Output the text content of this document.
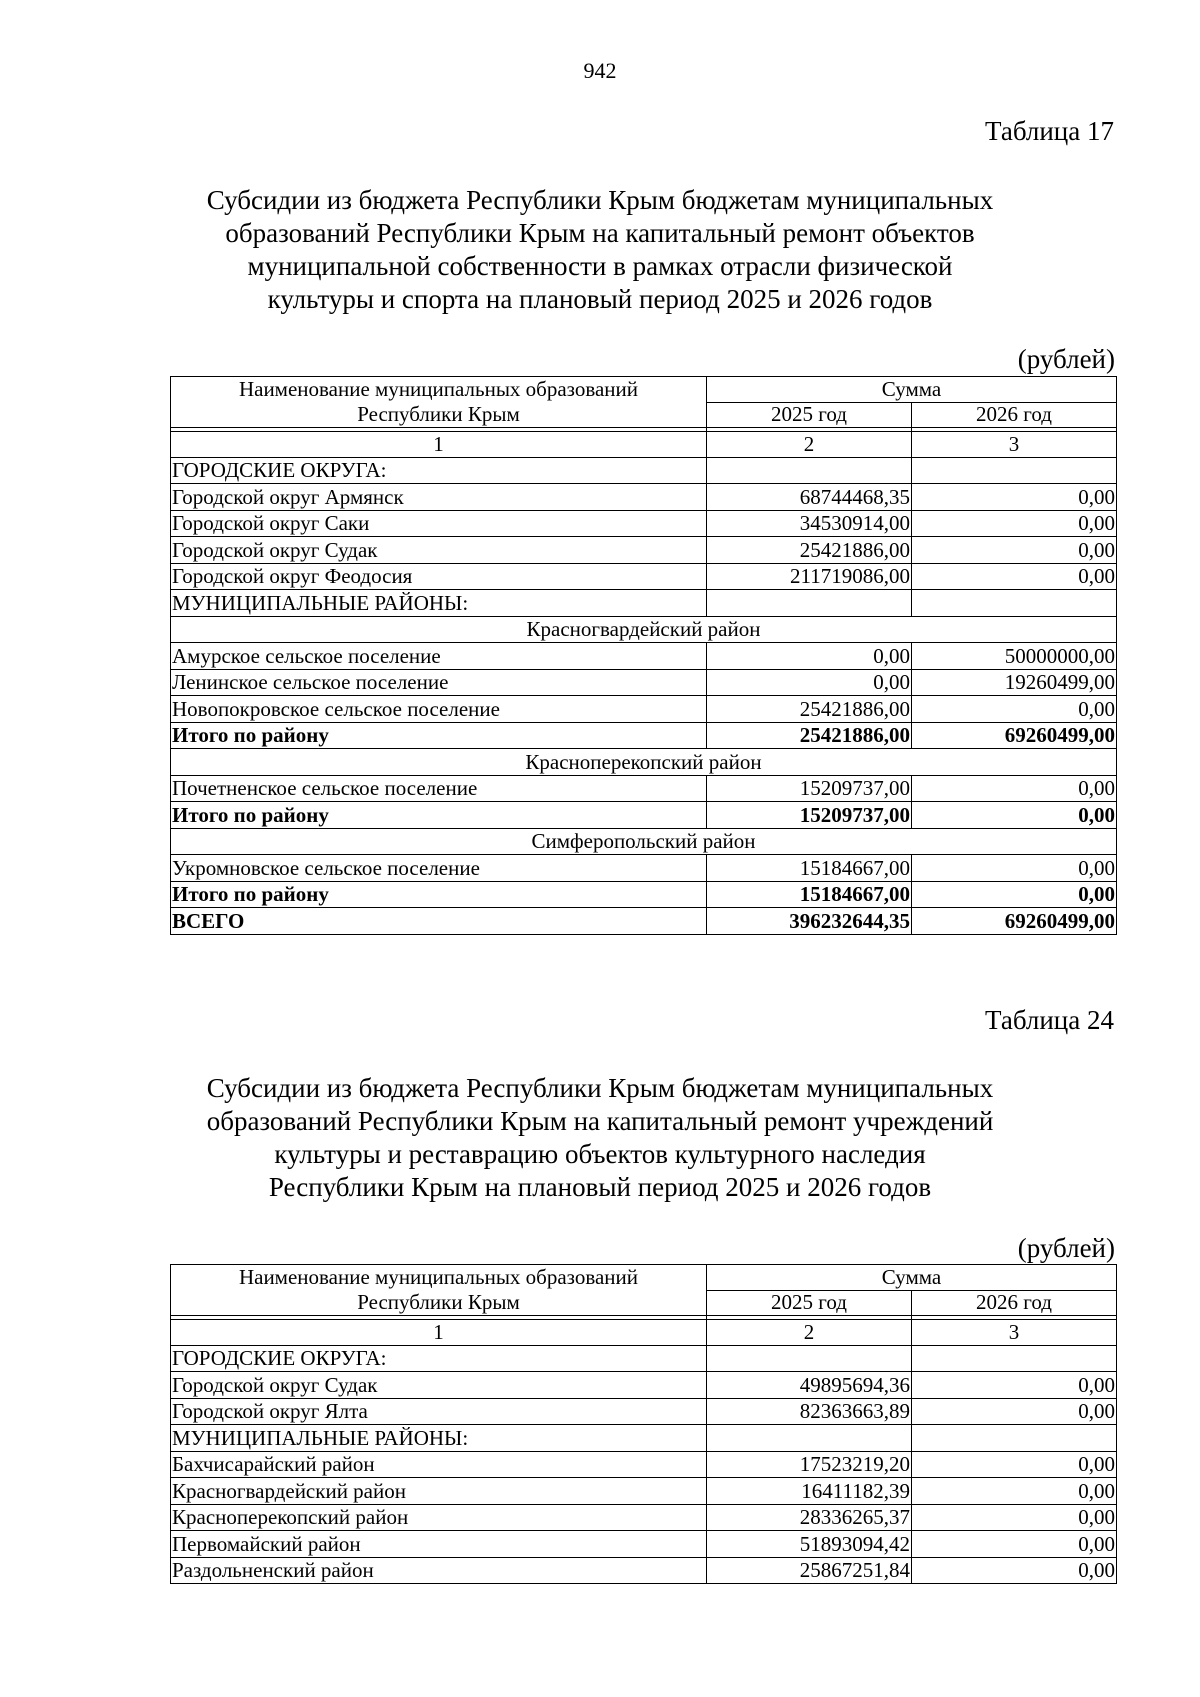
942
Таблица 17
Субсидии из бюджета Республики Крым бюджетам муниципальных
образований Республики Крым на капитальный ремонт объектов
муниципальной собственности в рамках отрасли физической
культуры и спорта на плановый период 2025 и 2026 годов
(рублей)
Наименование муниципальных образований
Республики Крым	Сумма	
	2025 год	2026 год

1	2	3
ГОРОДСКИЕ ОКРУГА:		
Городской округ Армянск	68744468,35	0,00
Городской округ Саки	34530914,00	0,00
Городской округ Судак	25421886,00	0,00
Городской округ Феодосия	211719086,00	0,00
МУНИЦИПАЛЬНЫЕ РАЙОНЫ:		
Красногвардейский район		
Амурское сельское поселение	0,00	50000000,00
Ленинское сельское поселение	0,00	19260499,00
Новопокровское сельское поселение	25421886,00	0,00
Итого по району	25421886,00	69260499,00
Красноперекопский район		
Почетненское сельское поселение	15209737,00	0,00
Итого по району	15209737,00	0,00
Симферопольский район		
Укромновское сельское поселение	15184667,00	0,00
Итого по району	15184667,00	0,00
ВСЕГО	396232644,35	69260499,00
Таблица 24
Субсидии из бюджета Республики Крым бюджетам муниципальных
образований Республики Крым на капитальный ремонт учреждений
культуры и реставрацию объектов культурного наследия
Республики Крым на плановый период 2025 и 2026 годов
(рублей)
Наименование муниципальных образований
Республики Крым	Сумма	
	2025 год	2026 год

1	2	3
ГОРОДСКИЕ ОКРУГА:		
Городской округ Судак	49895694,36	0,00
Городской округ Ялта	82363663,89	0,00
МУНИЦИПАЛЬНЫЕ РАЙОНЫ:		
Бахчисарайский район	17523219,20	0,00
Красногвардейский район	16411182,39	0,00
Красноперекопский район	28336265,37	0,00
Первомайский район	51893094,42	0,00
Раздольненский район	25867251,84	0,00
